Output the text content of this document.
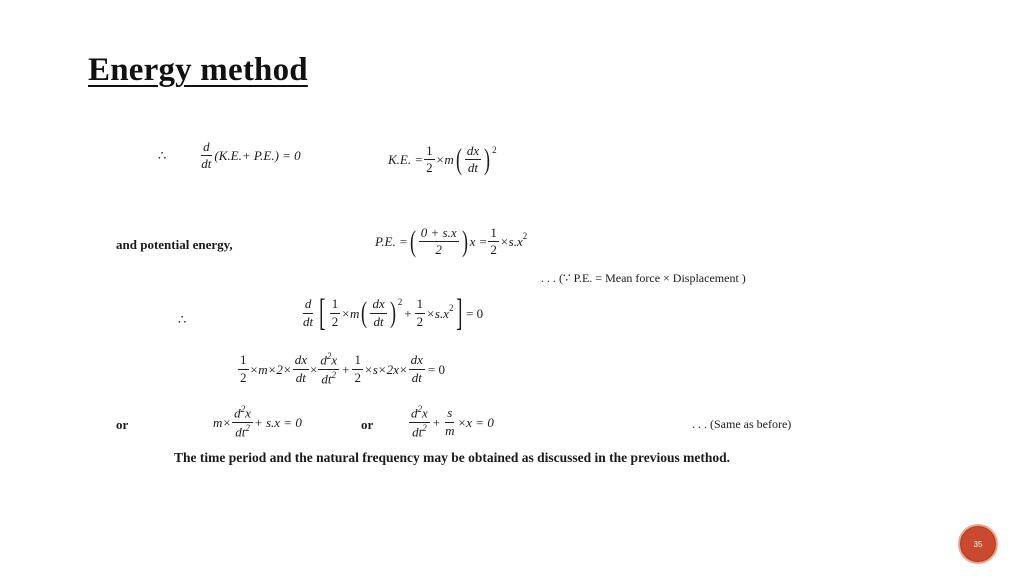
Energy method
∴	$\frac{d}{dt} (K.E.+ P.E.) = 0$	K.E. = $\frac{1}{2} \times m$ ( $\frac{dx}{dt} )^2$
and potential energy,	P.E. = ( $\frac{0 + s.x}{2}$ ) $x = \frac{1}{2} \times s.x^2$
. . . (∵ P.E. = Mean force × Displacement )
∴	$\frac{d}{dt}$ [ $\frac{1}{2} \times m$ ( $\frac{dx}{dt} )^2$
+ $\frac{1}{2} \times s.x^2$ ] = 0
$\frac{1}{2} \times m\times 2\times \frac{dx}{dt} \times \frac{d^2x}{dt^2} + \frac{1}{2} \times s\times 2x\times \frac{dx}{dt} = 0$
or	$m\times \frac{d^2x}{dt^2} + s.x = 0$	or	$\frac{d^2x}{dt^2} + \frac{s}{m} \times x = 0$	. . . (Same as before)
The time period and the natural frequency may be obtained as discussed in the previous method.
35
